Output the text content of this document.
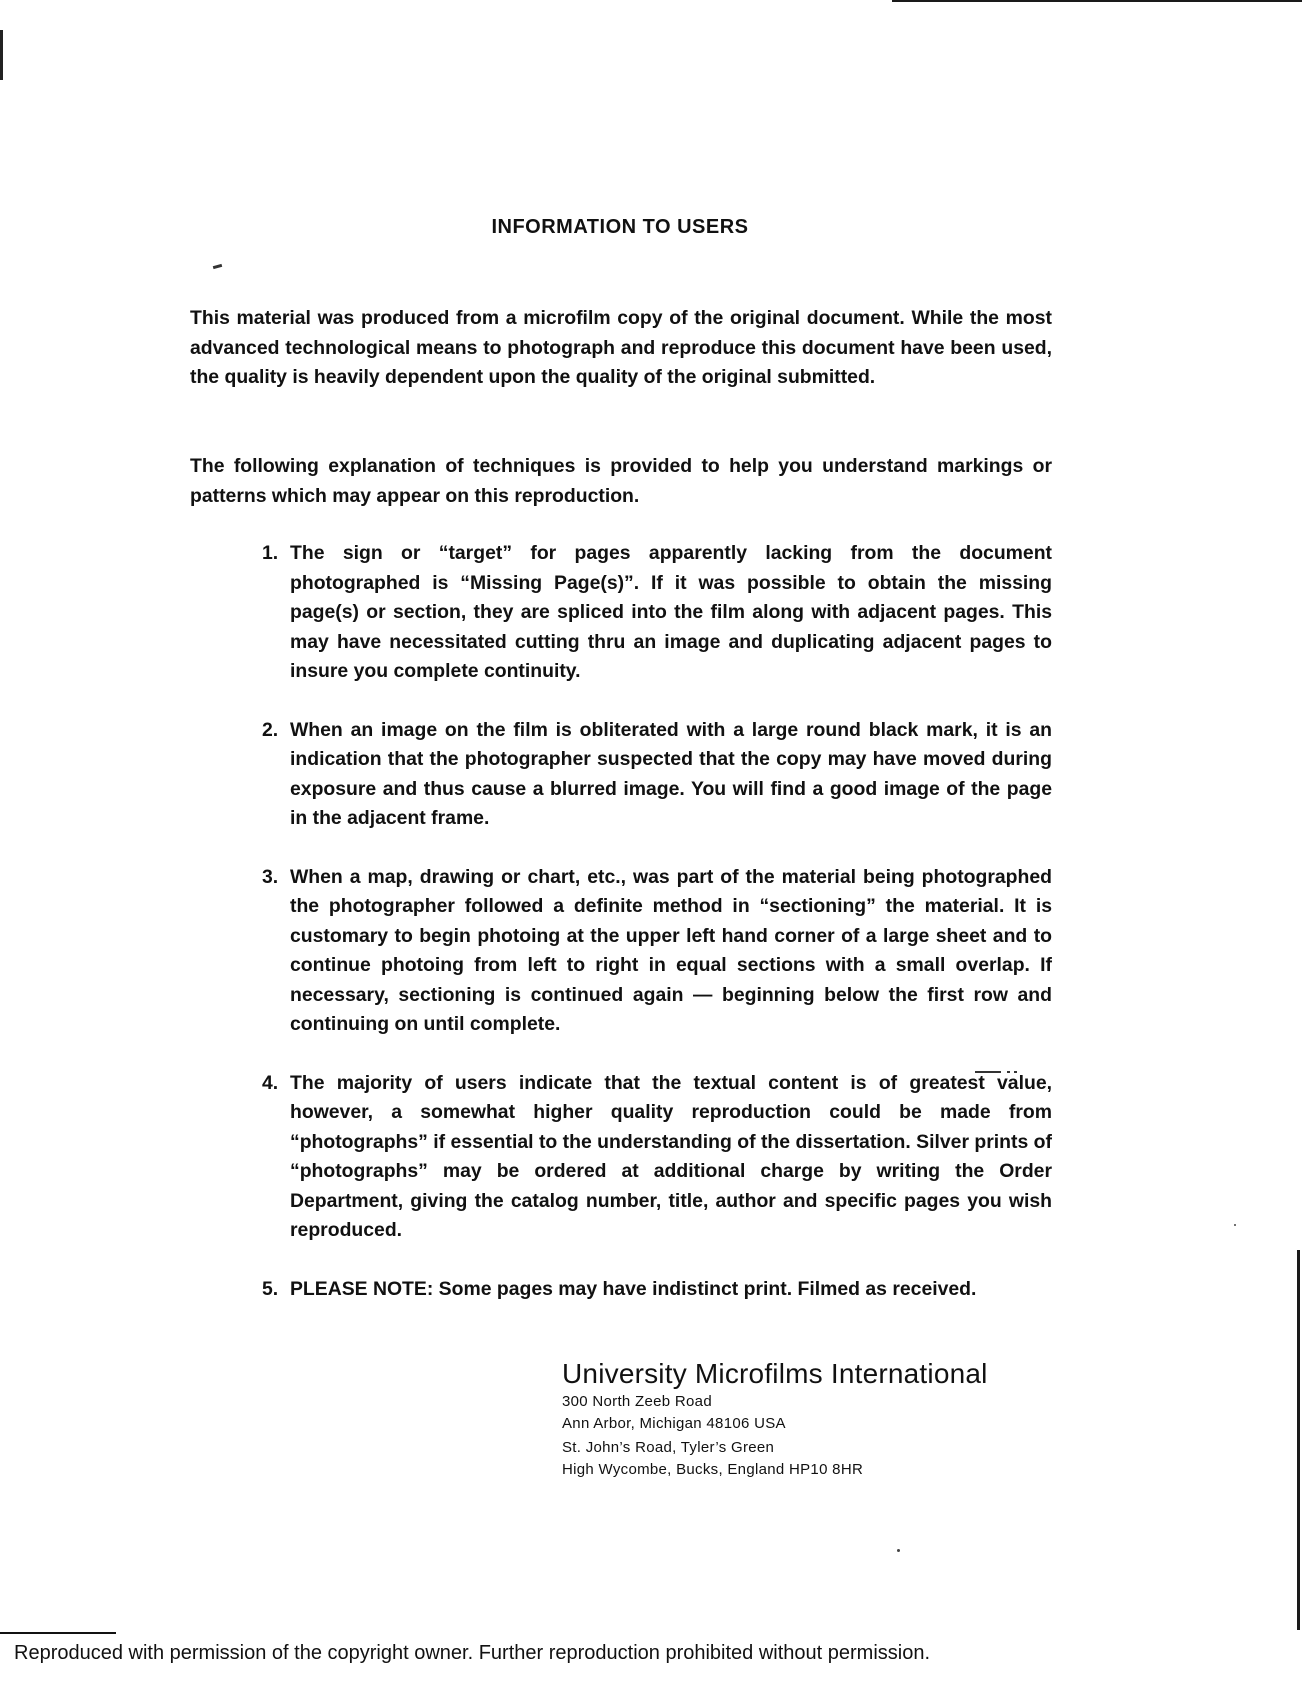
INFORMATION TO USERS

This material was produced from a microfilm copy of the original document. While the most advanced technological means to photograph and reproduce this document have been used, the quality is heavily dependent upon the quality of the original submitted.

The following explanation of techniques is provided to help you understand markings or patterns which may appear on this reproduction.

1. The sign or “target” for pages apparently lacking from the document photographed is “Missing Page(s)”. If it was possible to obtain the missing page(s) or section, they are spliced into the film along with adjacent pages. This may have necessitated cutting thru an image and duplicating adjacent pages to insure you complete continuity.
2. When an image on the film is obliterated with a large round black mark, it is an indication that the photographer suspected that the copy may have moved during exposure and thus cause a blurred image. You will find a good image of the page in the adjacent frame.
3. When a map, drawing or chart, etc., was part of the material being photographed the photographer followed a definite method in “sectioning” the material. It is customary to begin photoing at the upper left hand corner of a large sheet and to continue photoing from left to right in equal sections with a small overlap. If necessary, sectioning is continued again — beginning below the first row and continuing on until complete.
4. The majority of users indicate that the textual content is of greatest value, however, a somewhat higher quality reproduction could be made from “photographs” if essential to the understanding of the dissertation. Silver prints of “photographs” may be ordered at additional charge by writing the Order Department, giving the catalog number, title, author and specific pages you wish reproduced.
5. PLEASE NOTE: Some pages may have indistinct print. Filmed as received.
University Microfilms International
300 North Zeeb Road
Ann Arbor, Michigan 48106 USA
St. John’s Road, Tyler’s Green
High Wycombe, Bucks, England HP10 8HR
Reproduced with permission of the copyright owner. Further reproduction prohibited without permission.
